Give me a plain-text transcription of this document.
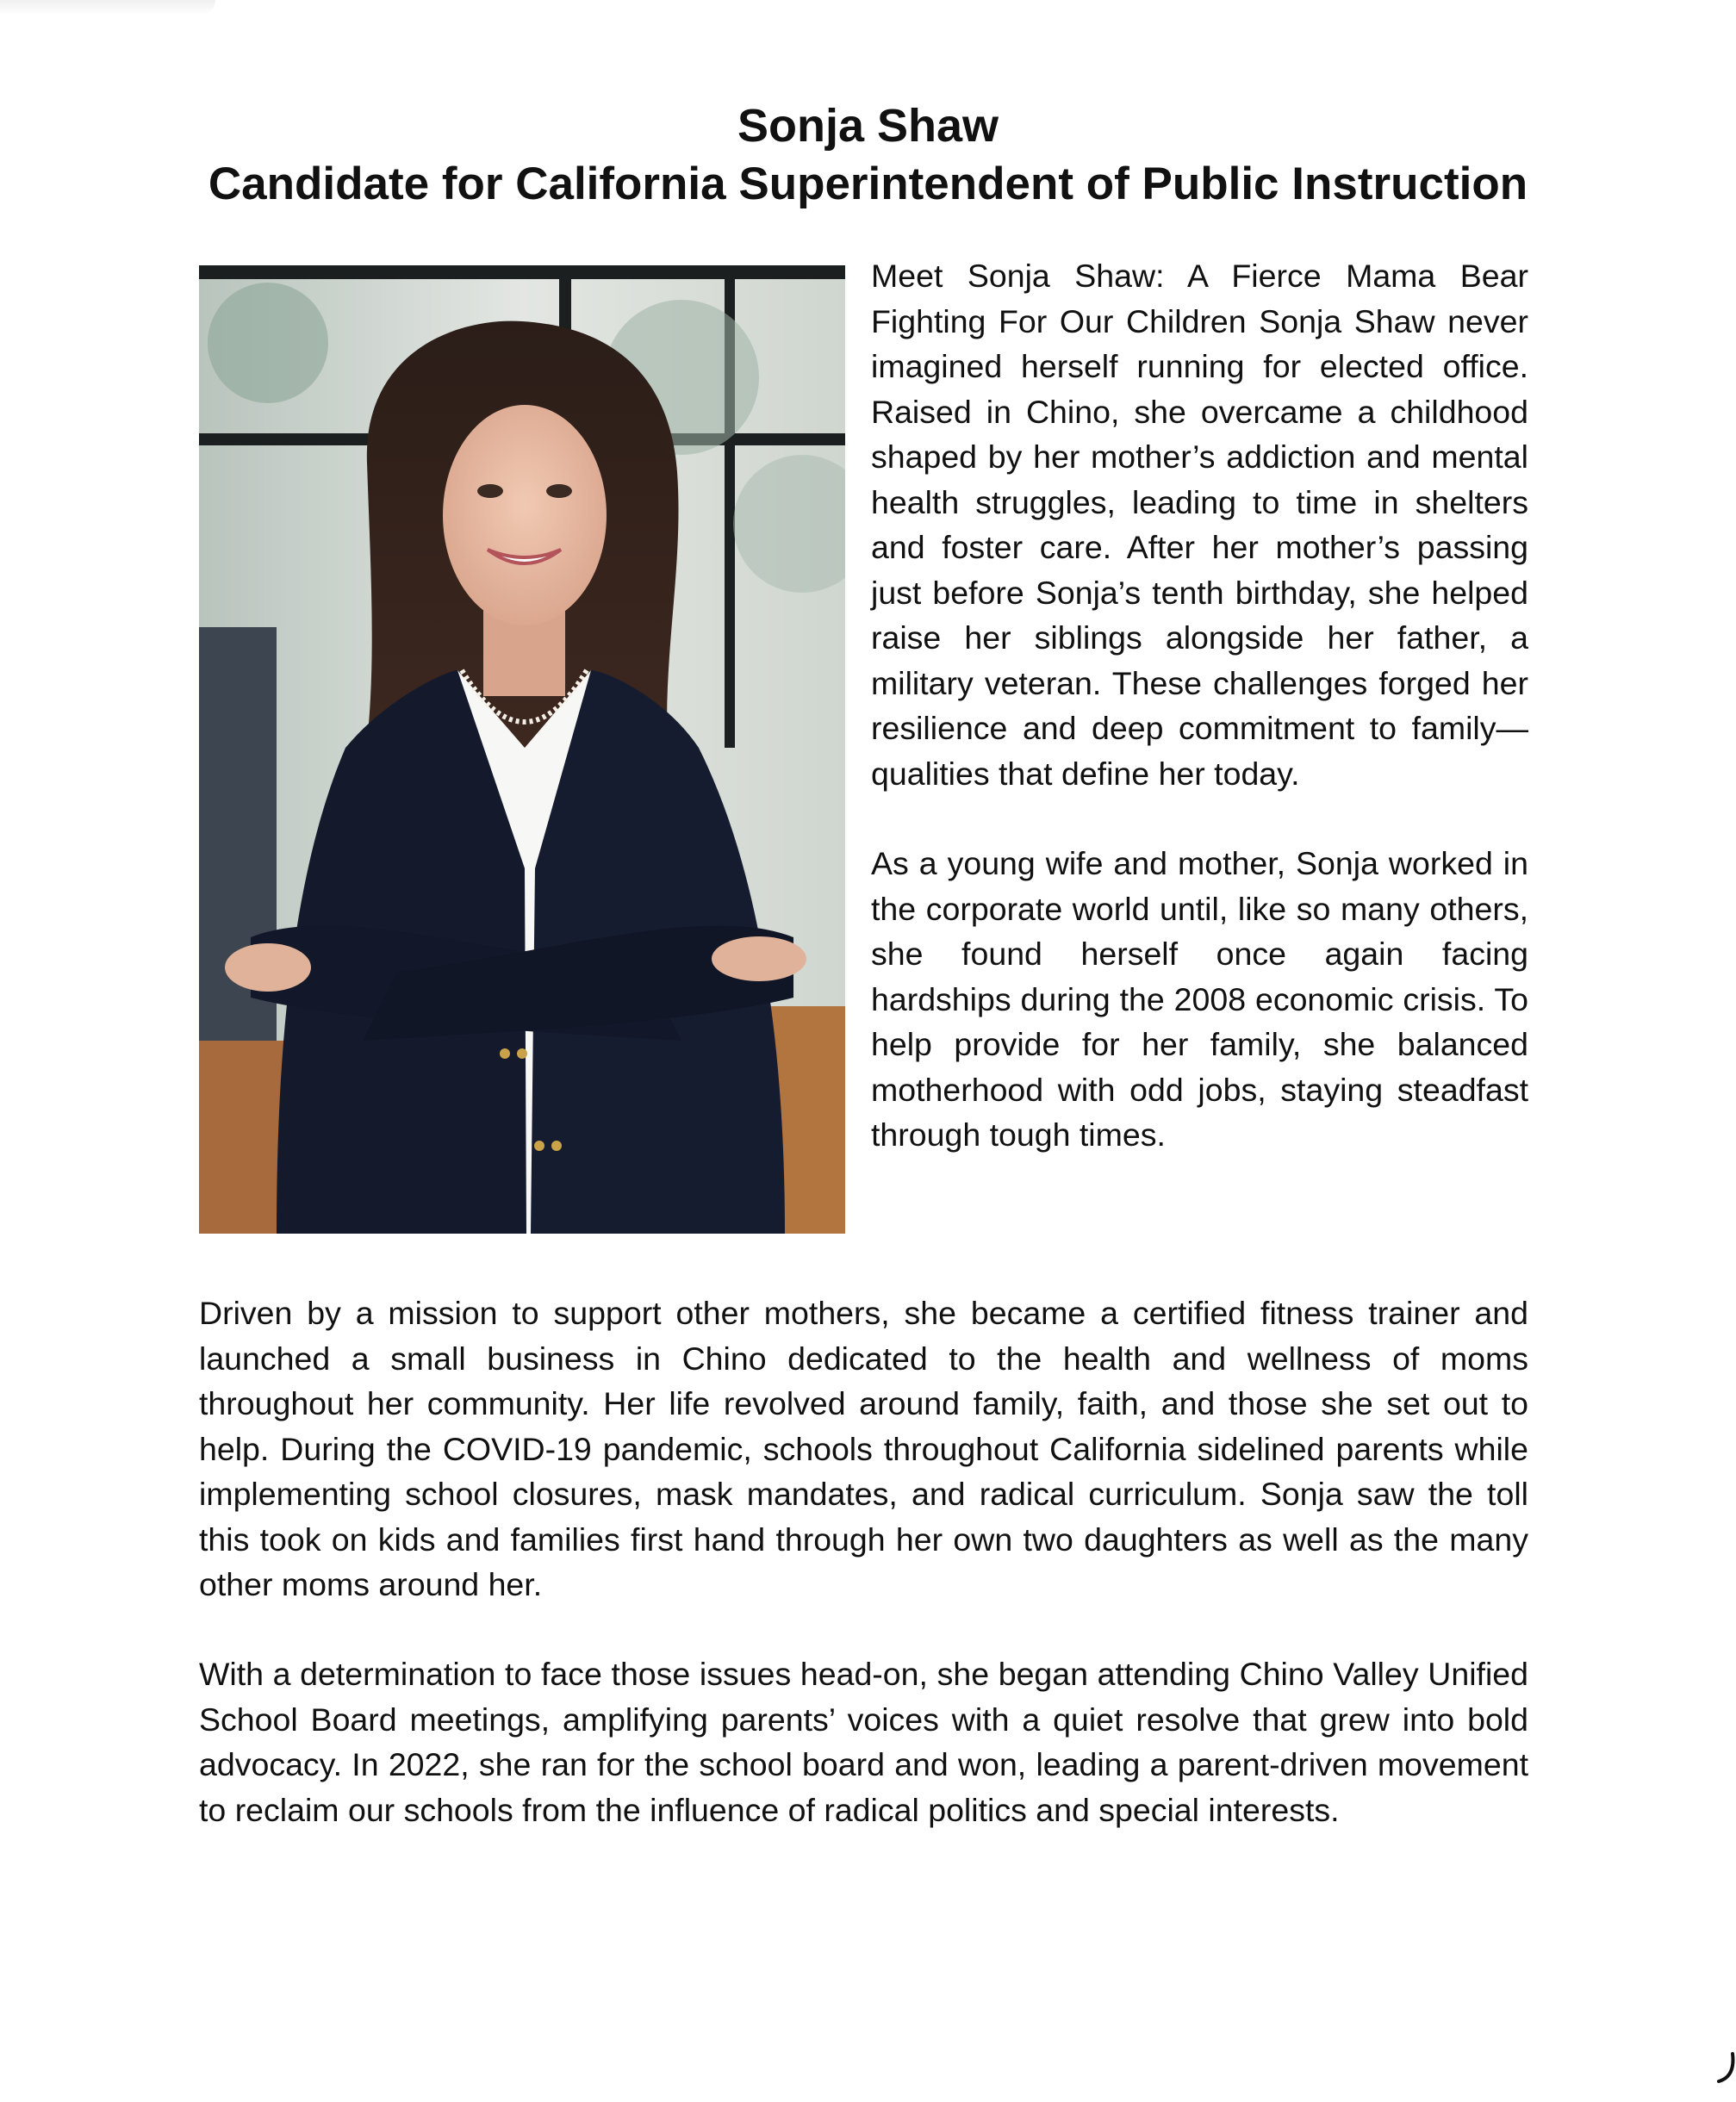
Sonja Shaw

Candidate for California Superintendent of Public Instruction

Meet Sonja Shaw: A Fierce Mama Bear Fighting For Our Children Sonja Shaw never imagined herself running for elected office. Raised in Chino, she overcame a childhood shaped by her mother’s addiction and mental health struggles, leading to time in shelters and foster care. After her mother’s passing just before Sonja’s tenth birthday, she helped raise her siblings alongside her father, a military veteran. These challenges forged her resilience and deep commitment to family—qualities that define her today.

As a young wife and mother, Sonja worked in the corporate world until, like so many others, she found herself once again facing hardships during the 2008 economic crisis. To help provide for her family, she balanced motherhood with odd jobs, staying steadfast through tough times.

Driven by a mission to support other mothers, she became a certified fitness trainer and launched a small business in Chino dedicated to the health and wellness of moms throughout her community. Her life revolved around family, faith, and those she set out to help. During the COVID-19 pandemic, schools throughout California sidelined parents while implementing school closures, mask mandates, and radical curriculum. Sonja saw the toll this took on kids and families first hand through her own two daughters as well as the many other moms around her.

With a determination to face those issues head-on, she began attending Chino Valley Unified School Board meetings, amplifying parents’ voices with a quiet resolve that grew into bold advocacy. In 2022, she ran for the school board and won, leading a parent-driven movement to reclaim our schools from the influence of radical politics and special interests.
